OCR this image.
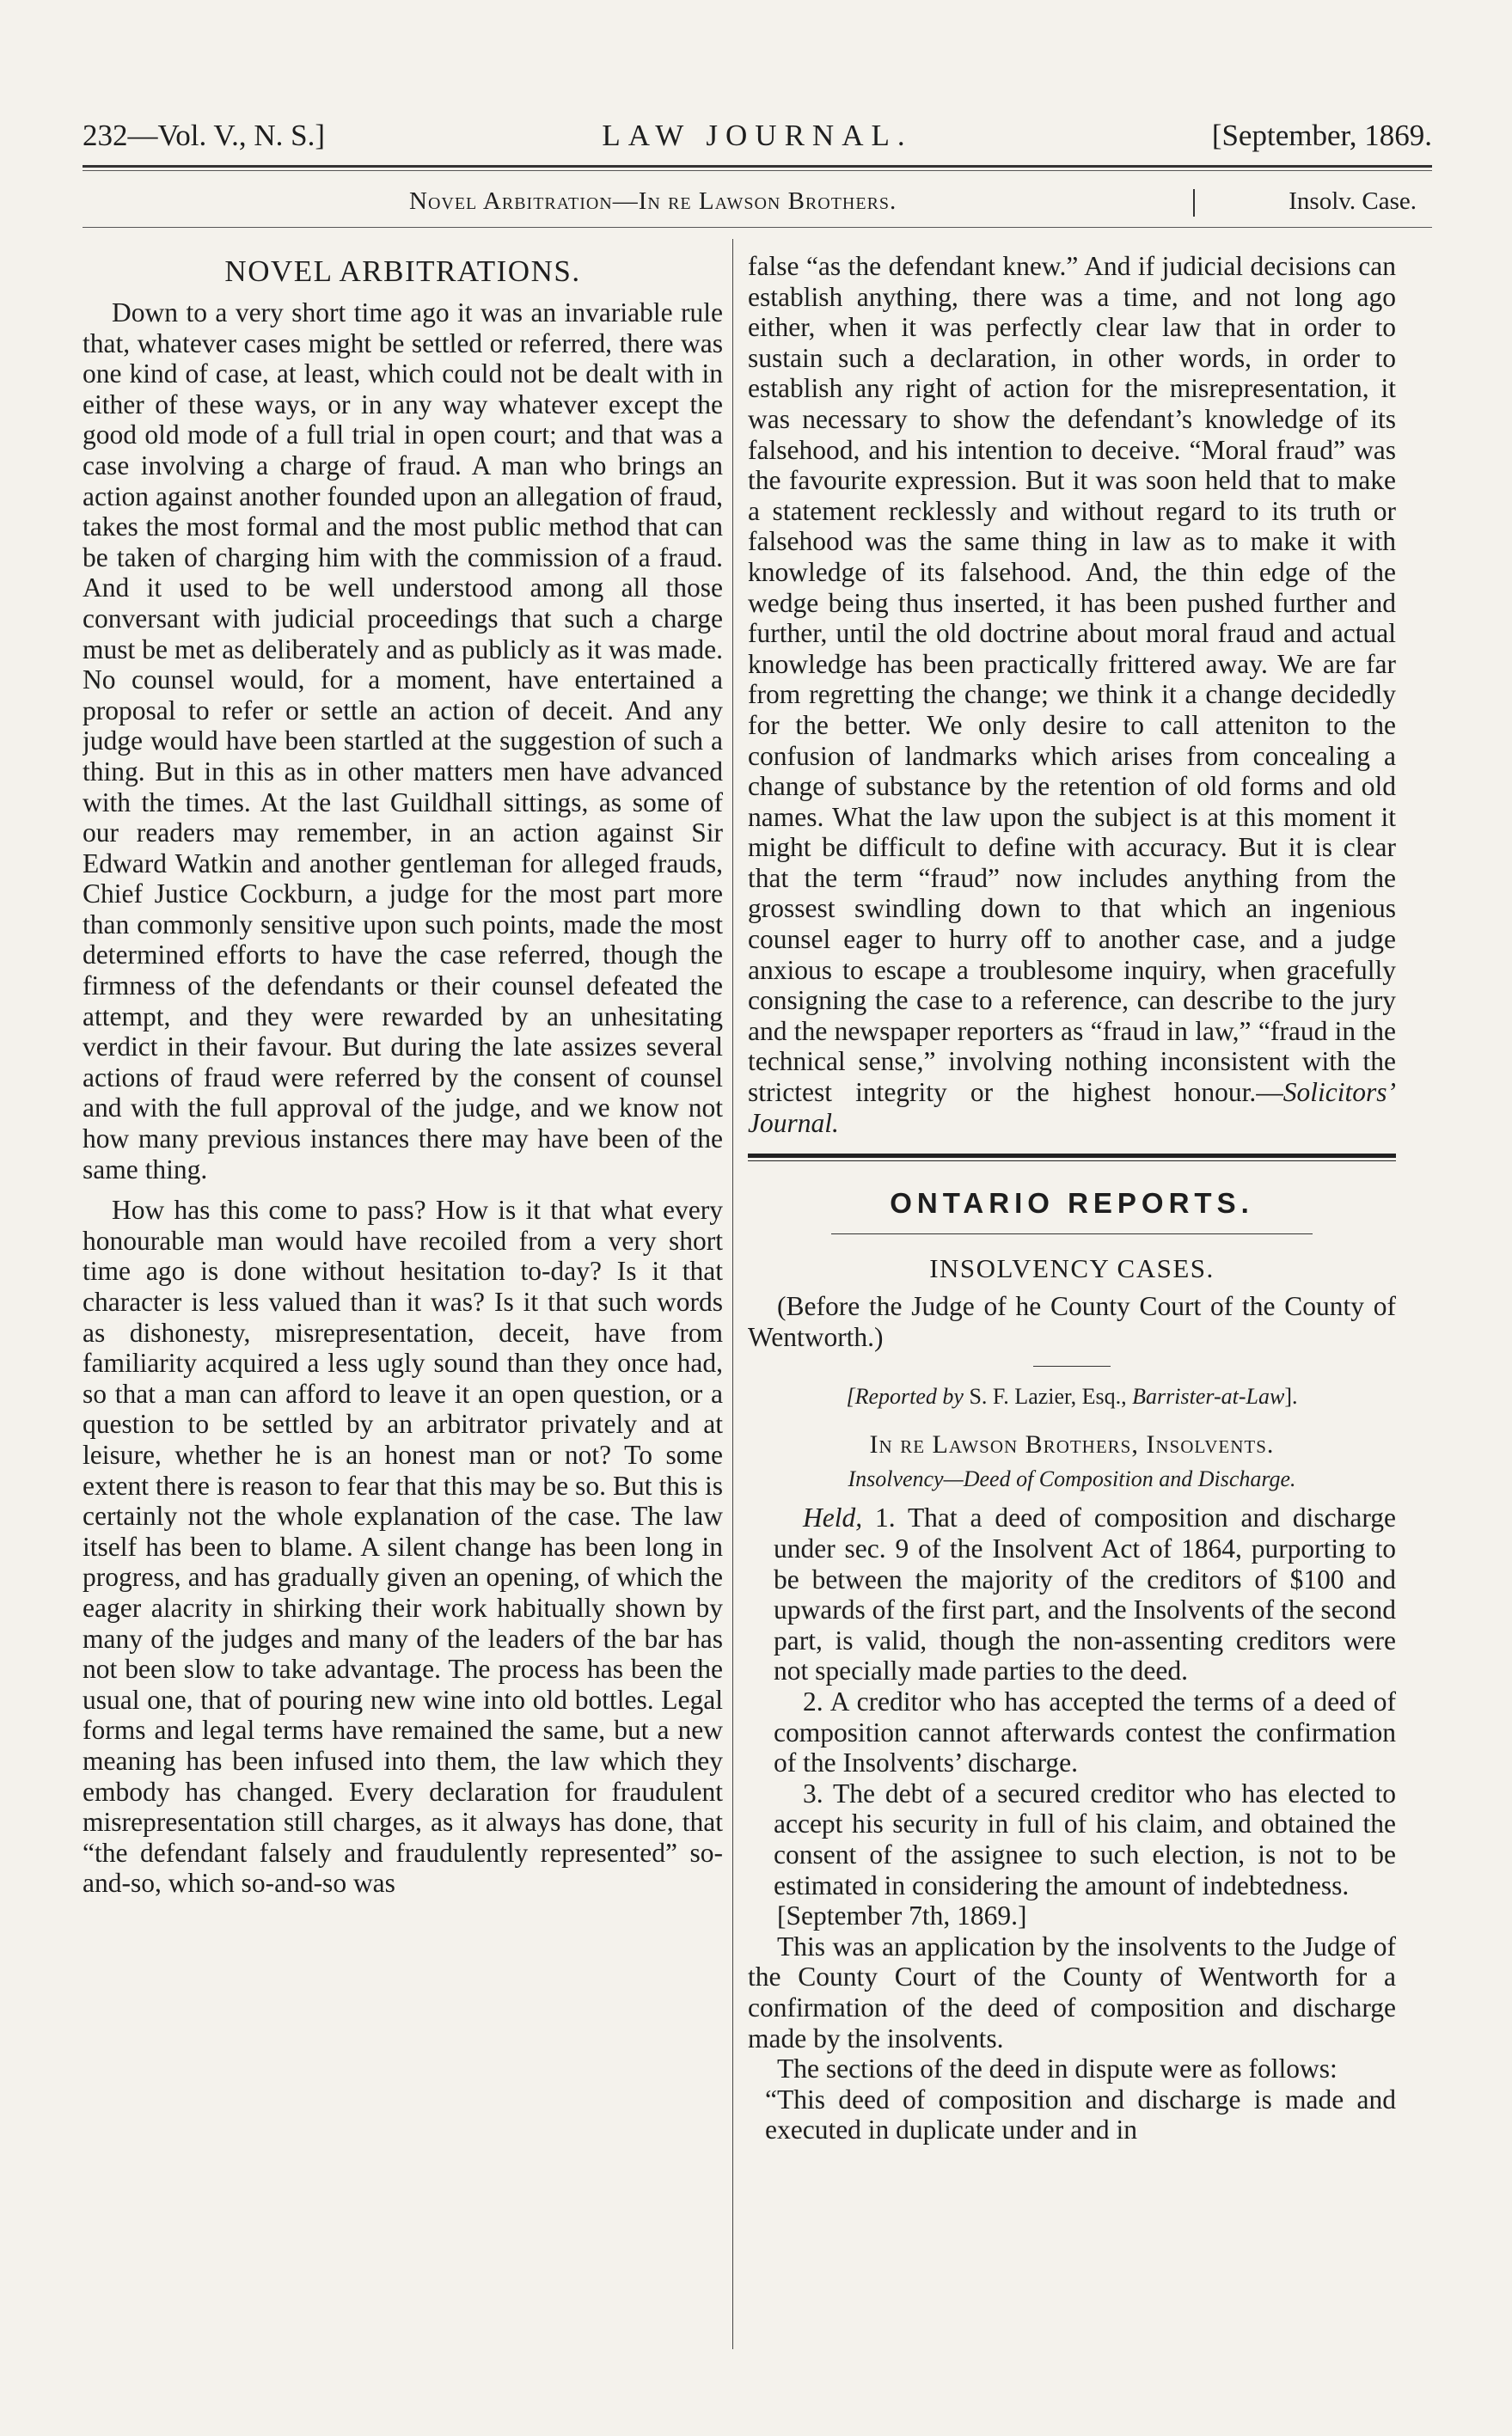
232—Vol. V., N. S.]	LAW JOURNAL.	[September, 1869.
Novel Arbitration—In re Lawson Brothers.	Insolv. Case.
NOVEL ARBITRATIONS.

Down to a very short time ago it was an invariable rule that, whatever cases might be settled or referred, there was one kind of case, at least, which could not be dealt with in either of these ways, or in any way whatever except the good old mode of a full trial in open court; and that was a case involving a charge of fraud. A man who brings an action against another founded upon an allegation of fraud, takes the most formal and the most public method that can be taken of charging him with the commission of a fraud. And it used to be well understood among all those conversant with judicial proceedings that such a charge must be met as deliberately and as publicly as it was made. No counsel would, for a moment, have entertained a proposal to refer or settle an action of deceit. And any judge would have been startled at the suggestion of such a thing. But in this as in other matters men have advanced with the times. At the last Guildhall sittings, as some of our readers may remember, in an action against Sir Edward Watkin and another gentleman for alleged frauds, Chief Justice Cockburn, a judge for the most part more than commonly sensitive upon such points, made the most determined efforts to have the case referred, though the firmness of the defendants or their counsel defeated the attempt, and they were rewarded by an unhesitating verdict in their favour. But during the late assizes several actions of fraud were referred by the consent of counsel and with the full approval of the judge, and we know not how many previous instances there may have been of the same thing.

How has this come to pass? How is it that what every honourable man would have recoiled from a very short time ago is done without hesitation to-day? Is it that character is less valued than it was? Is it that such words as dishonesty, misrepresentation, deceit, have from familiarity acquired a less ugly sound than they once had, so that a man can afford to leave it an open question, or a question to be settled by an arbitrator privately and at leisure, whether he is an honest man or not? To some extent there is reason to fear that this may be so. But this is certainly not the whole explanation of the case. The law itself has been to blame. A silent change has been long in progress, and has gradually given an opening, of which the eager alacrity in shirking their work habitually shown by many of the judges and many of the leaders of the bar has not been slow to take advantage. The process has been the usual one, that of pouring new wine into old bottles. Legal forms and legal terms have remained the same, but a new meaning has been infused into them, the law which they embody has changed. Every declaration for fraudulent misrepresentation still charges, as it always has done, that “the defendant falsely and fraudulently represented” so-and-so, which so-and-so was

false “as the defendant knew.” And if judicial decisions can establish anything, there was a time, and not long ago either, when it was perfectly clear law that in order to sustain such a declaration, in other words, in order to establish any right of action for the misrepresentation, it was necessary to show the defendant’s knowledge of its falsehood, and his intention to deceive. “Moral fraud” was the favourite expression. But it was soon held that to make a statement recklessly and without regard to its truth or falsehood was the same thing in law as to make it with knowledge of its falsehood. And, the thin edge of the wedge being thus inserted, it has been pushed further and further, until the old doctrine about moral fraud and actual knowledge has been practically frittered away. We are far from regretting the change; we think it a change decidedly for the better. We only desire to call atteniton to the confusion of landmarks which arises from concealing a change of substance by the retention of old forms and old names. What the law upon the subject is at this moment it might be difficult to define with accuracy. But it is clear that the term “fraud” now includes anything from the grossest swindling down to that which an ingenious counsel eager to hurry off to another case, and a judge anxious to escape a troublesome inquiry, when gracefully consigning the case to a reference, can describe to the jury and the newspaper reporters as “fraud in law,” “fraud in the technical sense,” involving nothing inconsistent with the strictest integrity or the highest honour.—Solicitors’ Journal.

ONTARIO REPORTS.
INSOLVENCY CASES.

(Before the Judge of he County Court of the County of Wentworth.)

[Reported by S. F. Lazier, Esq., Barrister-at-Law].
In re Lawson Brothers, Insolvents.
Insolvency—Deed of Composition and Discharge.

Held, 1. That a deed of composition and discharge under sec. 9 of the Insolvent Act of 1864, purporting to be between the majority of the creditors of $100 and upwards of the first part, and the Insolvents of the second part, is valid, though the non-assenting creditors were not specially made parties to the deed.

2. A creditor who has accepted the terms of a deed of composition cannot afterwards contest the confirmation of the Insolvents’ discharge.

3. The debt of a secured creditor who has elected to accept his security in full of his claim, and obtained the consent of the assignee to such election, is not to be estimated in considering the amount of indebtedness.

[September 7th, 1869.]

This was an application by the insolvents to the Judge of the County Court of the County of Wentworth for a confirmation of the deed of composition and discharge made by the insolvents.

The sections of the deed in dispute were as follows:

“This deed of composition and discharge is made and executed in duplicate under and in
